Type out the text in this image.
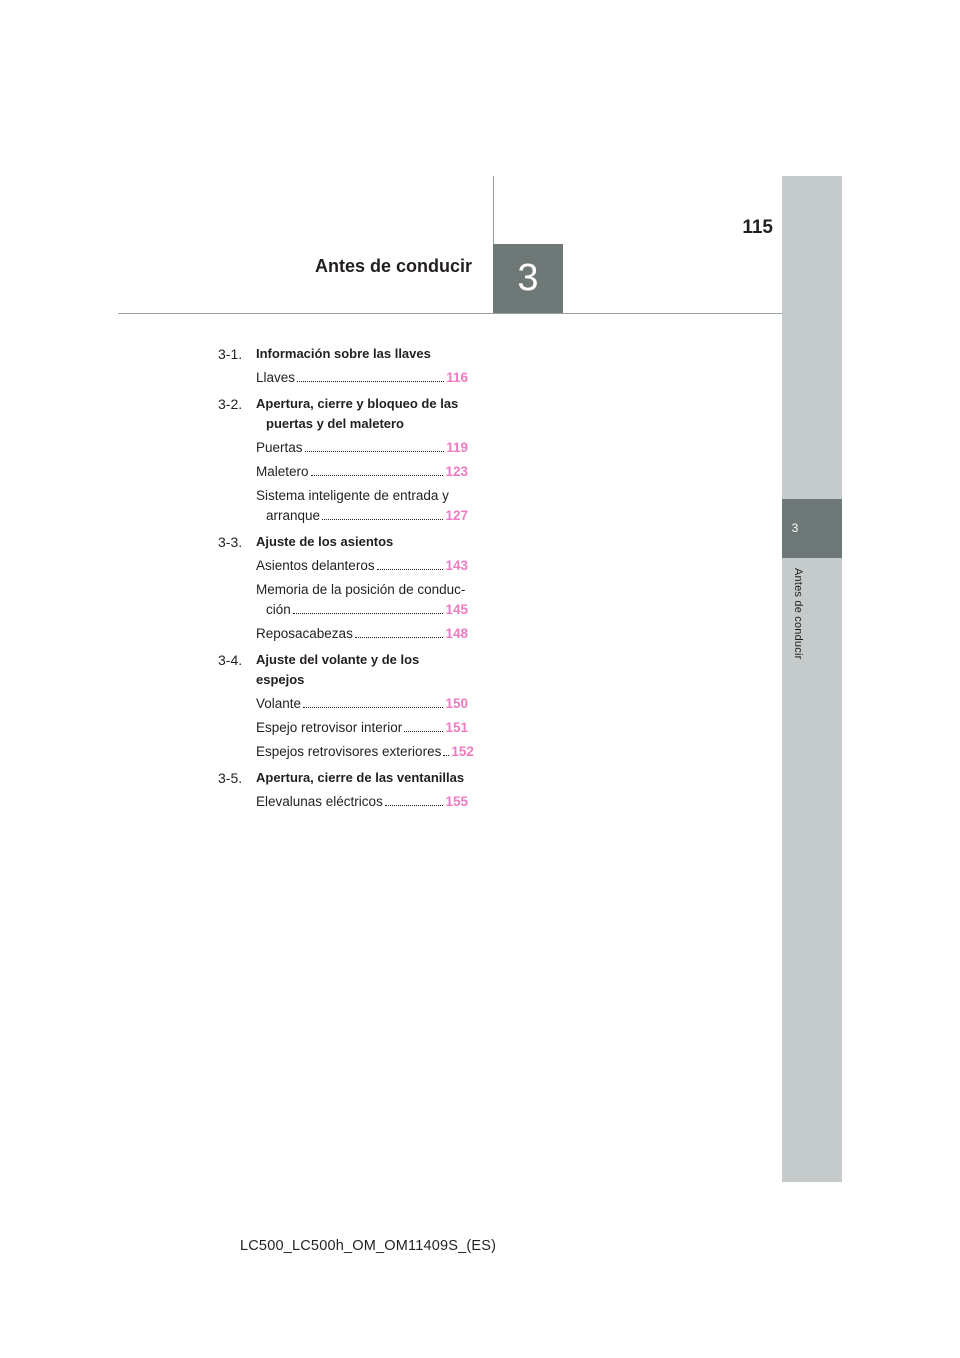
3
Antes de conducir
115
Antes de conducir	3
3-1.	Información sobre las llaves
Llaves	116
3-2.	Apertura, cierre y bloqueo de las
puertas y del maletero
Puertas	119
Maletero	123
Sistema inteligente de entrada y
arranque	127
3-3.	Ajuste de los asientos
Asientos delanteros	143
Memoria de la posición de conduc-
ción	145
Reposacabezas	148
3-4.	Ajuste del volante y de los espejos
Volante	150
Espejo retrovisor interior	151
Espejos retrovisores exteriores 152
3-5.	Apertura, cierre de las ventanillas
Elevalunas eléctricos	155
LC500_LC500h_OM_OM11409S_(ES)
